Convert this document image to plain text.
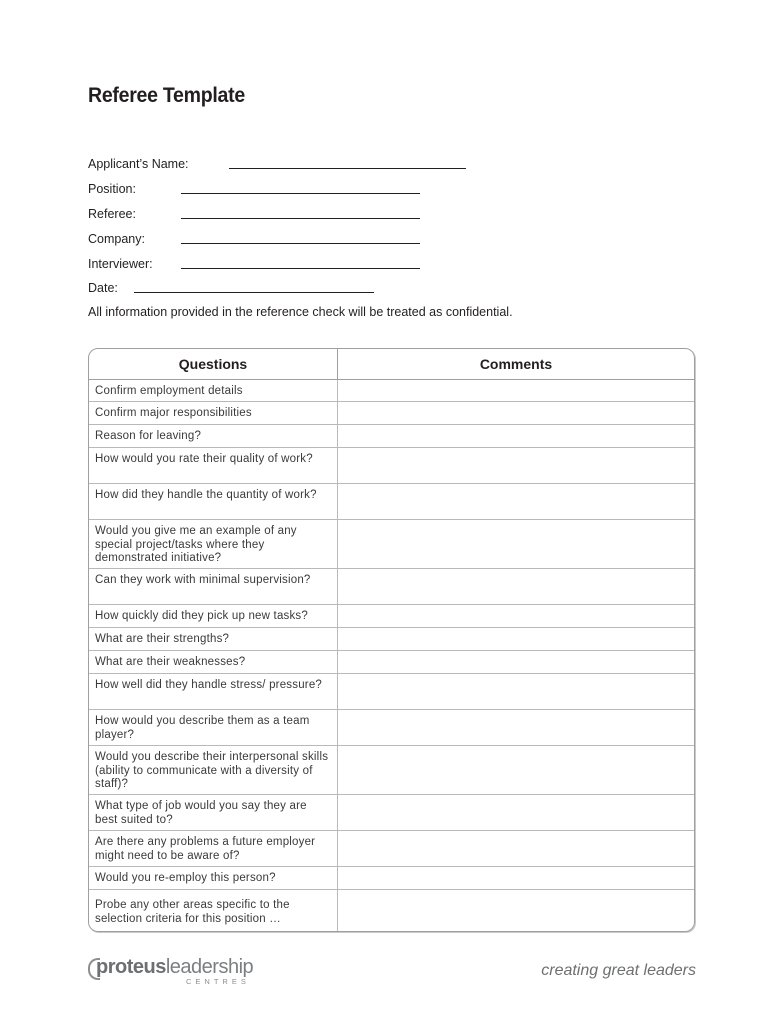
Referee Template
Applicant’s Name:
Position:
Referee:
Company:
Interviewer:
Date:
All information provided in the reference check will be treated as confidential.
Questions	Comments
Confirm employment details
Confirm major responsibilities
Reason for leaving?
How would you rate their quality of work?
How did they handle the quantity of work?
Would you give me an example of any special project/tasks where they demonstrated initiative?
Can they work with minimal supervision?
How quickly did they pick up new tasks?
What are their strengths?
What are their weaknesses?
How well did they handle stress/ pressure?
How would you describe them as a team player?
Would you describe their interpersonal skills (ability to communicate with a diversity of staff)?
What type of job would you say they are best suited to?
Are there any problems a future employer might need to be aware of?
Would you re-employ this person?
Probe any other areas specific to the selection criteria for this position …
proteusleadership
CENTRES
creating great leaders
